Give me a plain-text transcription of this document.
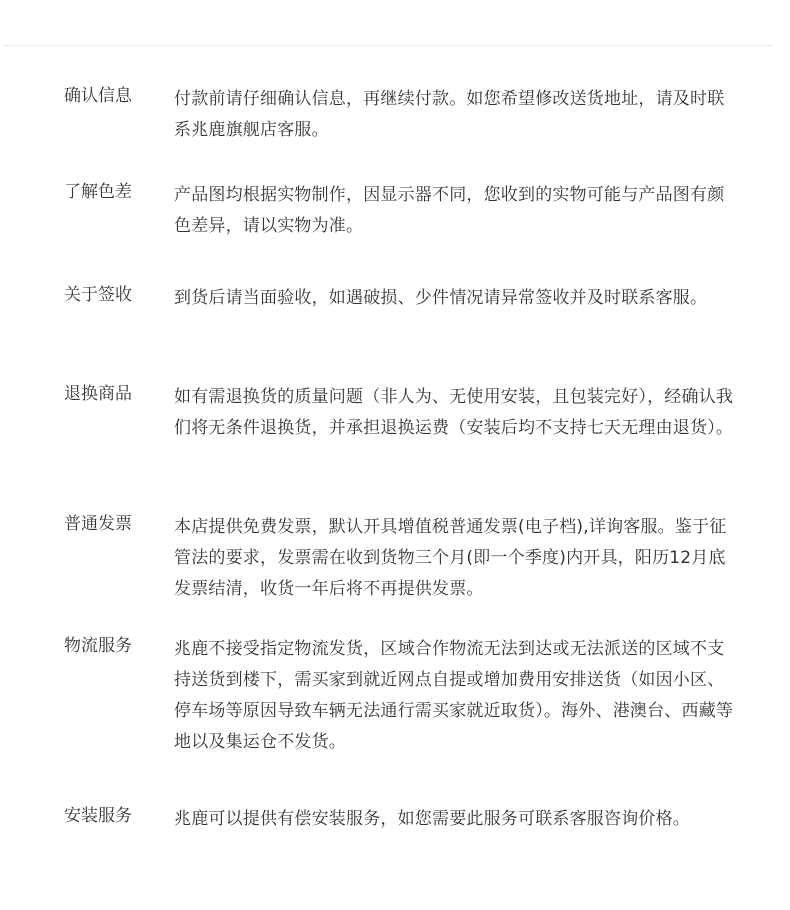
确认信息 付款前请仔细确认信息，再继续付款。如您希望修改送货地址，请及时联系兆鹿旗舰店客服。
了解色差 产品图均根据实物制作，因显示器不同，您收到的实物可能与产品图有颜色差异，请以实物为准。
关于签收 到货后请当面验收，如遇破损、少件情况请异常签收并及时联系客服。
退换商品 如有需退换货的质量问题（非人为、无使用安装，且包装完好），经确认我们将无条件退换货，并承担退换运费（安装后均不支持七天无理由退货）。
普通发票 本店提供免费发票，默认开具增值税普通发票(电子档),详询客服。鉴于征管法的要求，发票需在收到货物三个月(即一个季度)内开具，阳历12月底发票结清，收货一年后将不再提供发票。
物流服务 兆鹿不接受指定物流发货，区域合作物流无法到达或无法派送的区域不支持送货到楼下，需买家到就近网点自提或增加费用安排送货（如因小区、停车场等原因导致车辆无法通行需买家就近取货）。海外、港澳台、西藏等地以及集运仓不发货。
安装服务 兆鹿可以提供有偿安装服务，如您需要此服务可联系客服咨询价格。
